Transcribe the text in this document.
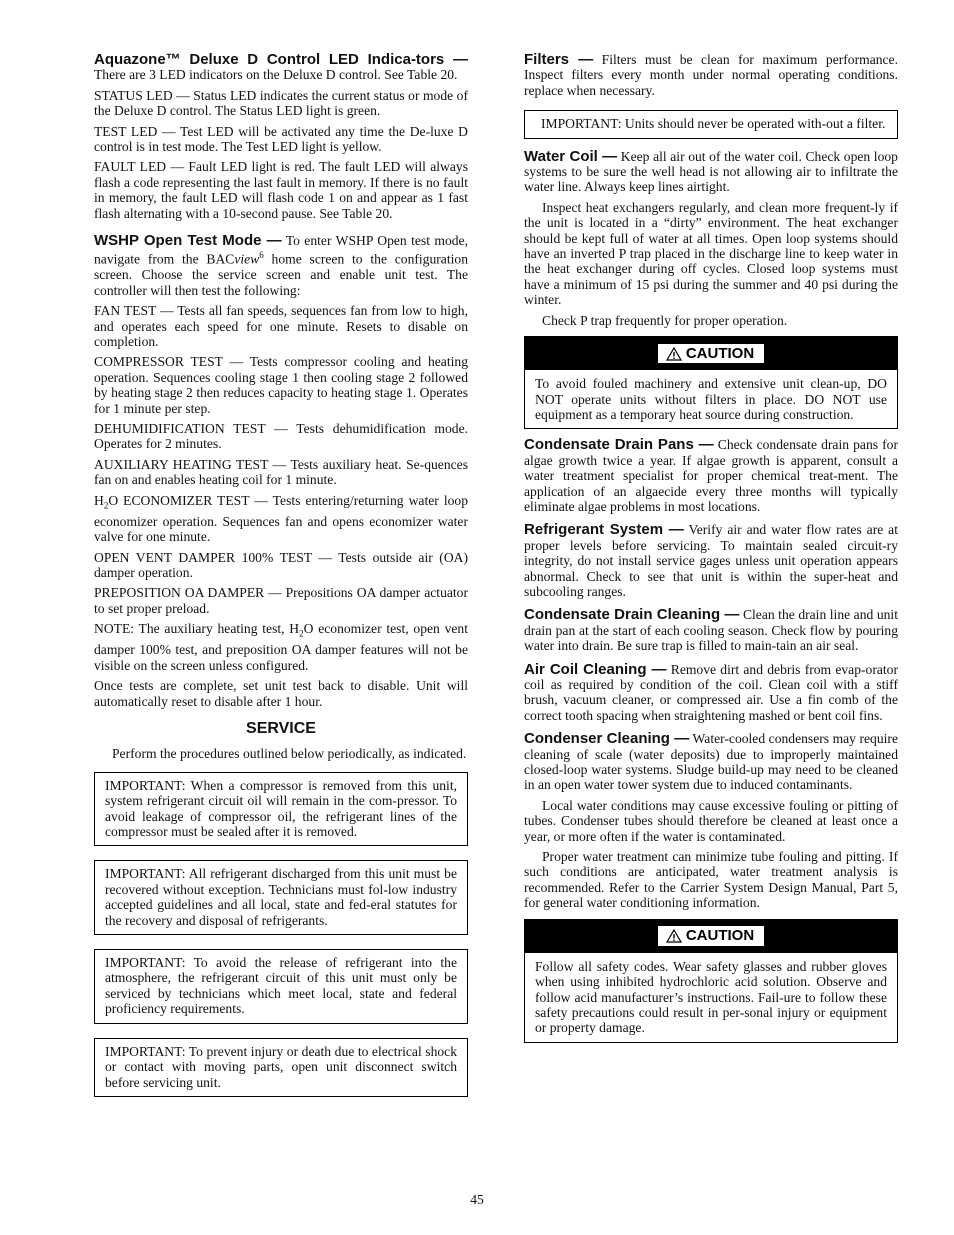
Aquazone™ Deluxe D Control LED Indica-tors — There are 3 LED indicators on the Deluxe D control. See Table 20.

STATUS LED — Status LED indicates the current status or mode of the Deluxe D control. The Status LED light is green.

TEST LED — Test LED will be activated any time the De-luxe D control is in test mode. The Test LED light is yellow.

FAULT LED — Fault LED light is red. The fault LED will always flash a code representing the last fault in memory. If there is no fault in memory, the fault LED will flash code 1 on and appear as 1 fast flash alternating with a 10-second pause. See Table 20.

WSHP Open Test Mode — To enter WSHP Open test mode, navigate from the BACview$^6$ home screen to the configuration screen. Choose the service screen and enable unit test. The controller will then test the following:

FAN TEST — Tests all fan speeds, sequences fan from low to high, and operates each speed for one minute. Resets to disable on completion.

COMPRESSOR TEST — Tests compressor cooling and heating operation. Sequences cooling stage 1 then cooling stage 2 followed by heating stage 2 then reduces capacity to heating stage 1. Operates for 1 minute per step.

DEHUMIDIFICATION TEST — Tests dehumidification mode. Operates for 2 minutes.

AUXILIARY HEATING TEST — Tests auxiliary heat. Se-quences fan on and enables heating coil for 1 minute.

$H_2O$ ECONOMIZER TEST — Tests entering/returning water loop economizer operation. Sequences fan and opens economizer water valve for one minute.

OPEN VENT DAMPER 100% TEST — Tests outside air (OA) damper operation.

PREPOSITION OA DAMPER — Prepositions OA damper actuator to set proper preload.

NOTE: The auxiliary heating test, $H_2O$ economizer test, open vent damper 100% test, and preposition OA damper features will not be visible on the screen unless configured.

Once tests are complete, set unit test back to disable. Unit will automatically reset to disable after 1 hour.

SERVICE

Perform the procedures outlined below periodically, as indicated.

IMPORTANT: When a compressor is removed from this unit, system refrigerant circuit oil will remain in the com-pressor. To avoid leakage of compressor oil, the refrigerant lines of the compressor must be sealed after it is removed.

IMPORTANT: All refrigerant discharged from this unit must be recovered without exception. Technicians must fol-low industry accepted guidelines and all local, state and fed-eral statutes for the recovery and disposal of refrigerants.

IMPORTANT: To avoid the release of refrigerant into the atmosphere, the refrigerant circuit of this unit must only be serviced by technicians which meet local, state and federal proficiency requirements.

IMPORTANT: To prevent injury or death due to electrical shock or contact with moving parts, open unit disconnect switch before servicing unit.

Filters — Filters must be clean for maximum performance. Inspect filters every month under normal operating conditions. replace when necessary.

IMPORTANT: Units should never be operated with-out a filter.

Water Coil — Keep all air out of the water coil. Check open loop systems to be sure the well head is not allowing air to infiltrate the water line. Always keep lines airtight.

Inspect heat exchangers regularly, and clean more frequent-ly if the unit is located in a “dirty” environment. The heat exchanger should be kept full of water at all times. Open loop systems should have an inverted P trap placed in the discharge line to keep water in the heat exchanger during off cycles. Closed loop systems must have a minimum of 15 psi during the summer and 40 psi during the winter.

Check P trap frequently for proper operation.

CAUTION

To avoid fouled machinery and extensive unit clean-up, DO NOT operate units without filters in place. DO NOT use equipment as a temporary heat source during construction.

Condensate Drain Pans — Check condensate drain pans for algae growth twice a year. If algae growth is apparent, consult a water treatment specialist for proper chemical treat-ment. The application of an algaecide every three months will typically eliminate algae problems in most locations.

Refrigerant System — Verify air and water flow rates are at proper levels before servicing. To maintain sealed circuit-ry integrity, do not install service gages unless unit operation appears abnormal. Check to see that unit is within the super-heat and subcooling ranges.

Condensate Drain Cleaning — Clean the drain line and unit drain pan at the start of each cooling season. Check flow by pouring water into drain. Be sure trap is filled to main-tain an air seal.

Air Coil Cleaning — Remove dirt and debris from evap-orator coil as required by condition of the coil. Clean coil with a stiff brush, vacuum cleaner, or compressed air. Use a fin comb of the correct tooth spacing when straightening mashed or bent coil fins.

Condenser Cleaning — Water-cooled condensers may require cleaning of scale (water deposits) due to improperly maintained closed-loop water systems. Sludge build-up may need to be cleaned in an open water tower system due to induced contaminants.

Local water conditions may cause excessive fouling or pitting of tubes. Condenser tubes should therefore be cleaned at least once a year, or more often if the water is contaminated.

Proper water treatment can minimize tube fouling and pitting. If such conditions are anticipated, water treatment analysis is recommended. Refer to the Carrier System Design Manual, Part 5, for general water conditioning information.

CAUTION

Follow all safety codes. Wear safety glasses and rubber gloves when using inhibited hydrochloric acid solution. Observe and follow acid manufacturer’s instructions. Fail-ure to follow these safety precautions could result in per-sonal injury or equipment or property damage.

45
